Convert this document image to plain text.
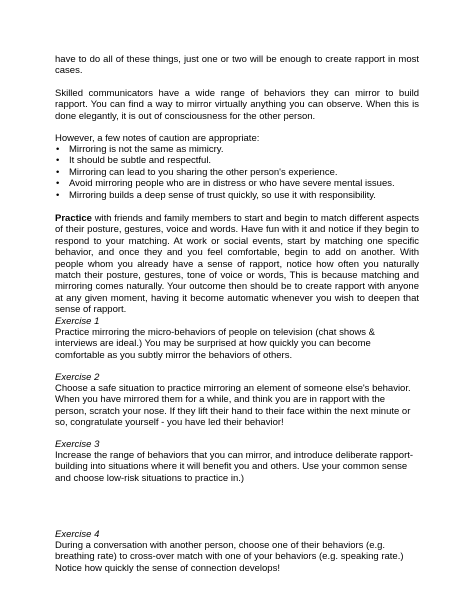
have to do all of these things, just one or two will be enough to create rapport in most cases.

Skilled communicators have a wide range of behaviors they can mirror to build rapport. You can find a way to mirror virtually anything you can observe. When this is done elegantly, it is out of consciousness for the other person.

However, a few notes of caution are appropriate:

• Mirroring is not the same as mimicry.
• It should be subtle and respectful.
• Mirroring can lead to you sharing the other person's experience.
• Avoid mirroring people who are in distress or who have severe mental issues.
• Mirroring builds a deep sense of trust quickly, so use it with responsibility.

Practice with friends and family members to start and begin to match different aspects of their posture, gestures, voice and words. Have fun with it and notice if they begin to respond to your matching. At work or social events, start by matching one specific behavior, and once they and you feel comfortable, begin to add on another. With people whom you already have a sense of rapport, notice how often you naturally match their posture, gestures, tone of voice or words, This is because matching and mirroring comes naturally. Your outcome then should be to create rapport with anyone at any given moment, having it become automatic whenever you wish to deepen that sense of rapport.

Exercise 1

Practice mirroring the micro-behaviors of people on television (chat shows & interviews are ideal.) You may be surprised at how quickly you can become comfortable as you subtly mirror the behaviors of others.

Exercise 2

Choose a safe situation to practice mirroring an element of someone else's behavior. When you have mirrored them for a while, and think you are in rapport with the person, scratch your nose. If they lift their hand to their face within the next minute or so, congratulate yourself - you have led their behavior!

Exercise 3

Increase the range of behaviors that you can mirror, and introduce deliberate rapport-building into situations where it will benefit you and others. Use your common sense and choose low-risk situations to practice in.)

Exercise 4

During a conversation with another person, choose one of their behaviors (e.g. breathing rate) to cross-over match with one of your behaviors (e.g. speaking rate.) Notice how quickly the sense of connection develops!
